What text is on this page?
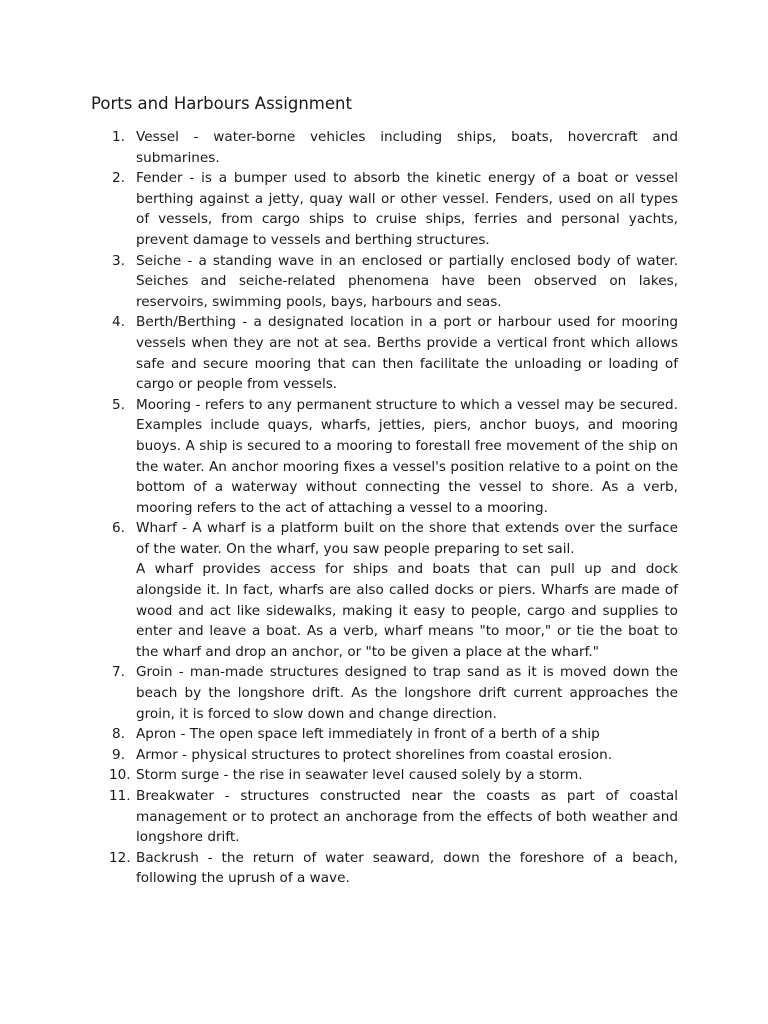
Ports and Harbours Assignment
1. Vessel - water-borne vehicles including ships, boats, hovercraft and submarines.
2. Fender - is a bumper used to absorb the kinetic energy of a boat or vessel berthing against a jetty, quay wall or other vessel. Fenders, used on all types of vessels, from cargo ships to cruise ships, ferries and personal yachts, prevent damage to vessels and berthing structures.
3. Seiche - a standing wave in an enclosed or partially enclosed body of water. Seiches and seiche-related phenomena have been observed on lakes, reservoirs, swimming pools, bays, harbours and seas.
4. Berth/Berthing - a designated location in a port or harbour used for mooring vessels when they are not at sea. Berths provide a vertical front which allows safe and secure mooring that can then facilitate the unloading or loading of cargo or people from vessels.
5. Mooring - refers to any permanent structure to which a vessel may be secured. Examples include quays, wharfs, jetties, piers, anchor buoys, and mooring buoys. A ship is secured to a mooring to forestall free movement of the ship on the water. An anchor mooring fixes a vessel's position relative to a point on the bottom of a waterway without connecting the vessel to shore. As a verb, mooring refers to the act of attaching a vessel to a mooring.
6. Wharf - A wharf is a platform built on the shore that extends over the surface of the water. On the wharf, you saw people preparing to set sail.
A wharf provides access for ships and boats that can pull up and dock alongside it. In fact, wharfs are also called docks or piers. Wharfs are made of wood and act like sidewalks, making it easy to people, cargo and supplies to enter and leave a boat. As a verb, wharf means "to moor," or tie the boat to the wharf and drop an anchor, or "to be given a place at the wharf."
7. Groin - man-made structures designed to trap sand as it is moved down the beach by the longshore drift. As the longshore drift current approaches the groin, it is forced to slow down and change direction.
8. Apron - The open space left immediately in front of a berth of a ship
9. Armor - physical structures to protect shorelines from coastal erosion.
10. Storm surge - the rise in seawater level caused solely by a storm.
11. Breakwater - structures constructed near the coasts as part of coastal management or to protect an anchorage from the effects of both weather and longshore drift.
12. Backrush - the return of water seaward, down the foreshore of a beach, following the uprush of a wave.
